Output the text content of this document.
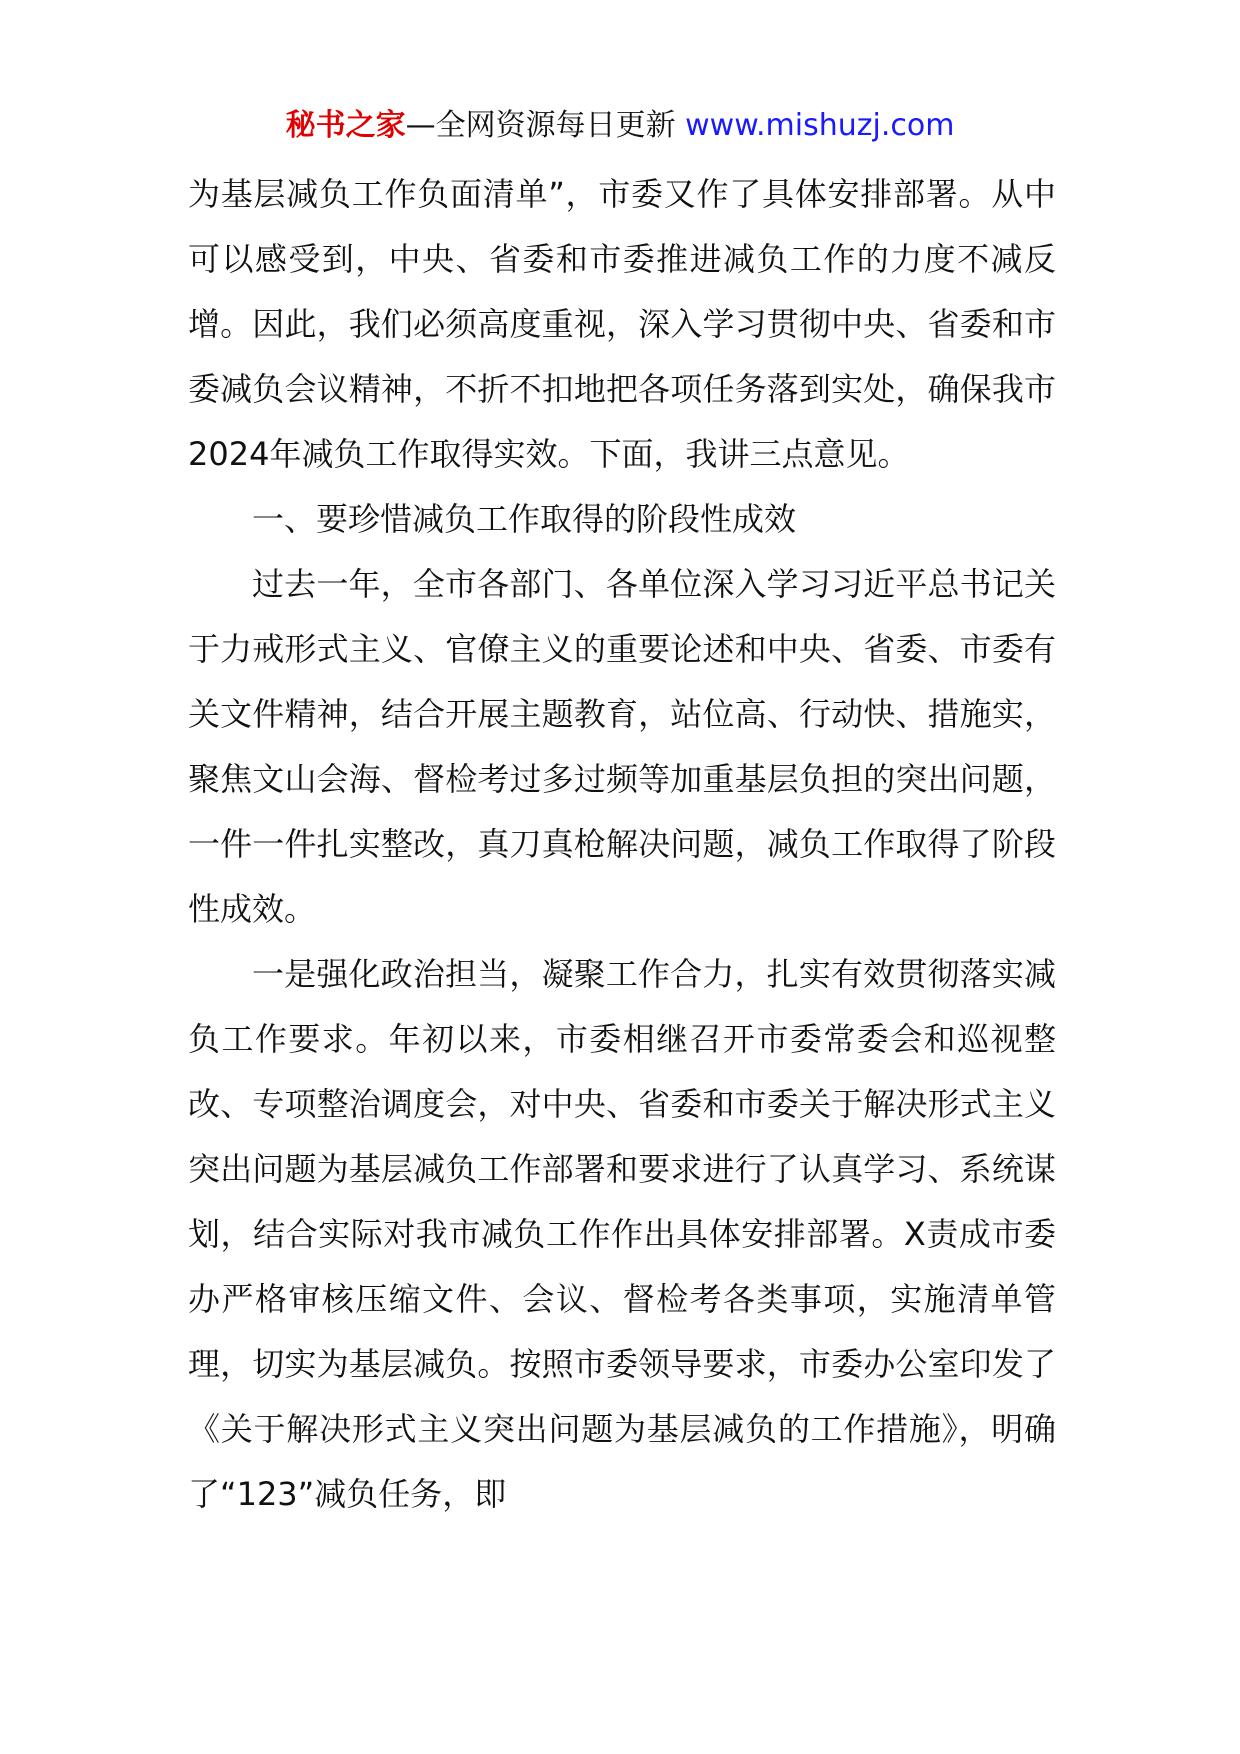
秘书之家—全网资源每日更新 www.mishuzj.com

为基层减负工作负面清单”，市委又作了具体安排部署。从中可以感受到，中央、省委和市委推进减负工作的力度不减反增。因此，我们必须高度重视，深入学习贯彻中央、省委和市委减负会议精神，不折不扣地把各项任务落到实处，确保我市2024年减负工作取得实效。下面，我讲三点意见。

一、要珍惜减负工作取得的阶段性成效

过去一年，全市各部门、各单位深入学习习近平总书记关于力戒形式主义、官僚主义的重要论述和中央、省委、市委有关文件精神，结合开展主题教育，站位高、行动快、措施实，聚焦文山会海、督检考过多过频等加重基层负担的突出问题，一件一件扎实整改，真刀真枪解决问题，减负工作取得了阶段性成效。

一是强化政治担当，凝聚工作合力，扎实有效贯彻落实减负工作要求。年初以来，市委相继召开市委常委会和巡视整改、专项整治调度会，对中央、省委和市委关于解决形式主义突出问题为基层减负工作部署和要求进行了认真学习、系统谋划，结合实际对我市减负工作作出具体安排部署。X责成市委办严格审核压缩文件、会议、督检考各类事项，实施清单管理，切实为基层减负。按照市委领导要求，市委办公室印发了《关于解决形式主义突出问题为基层减负的工作措施》，明确了“123”减负任务，即
